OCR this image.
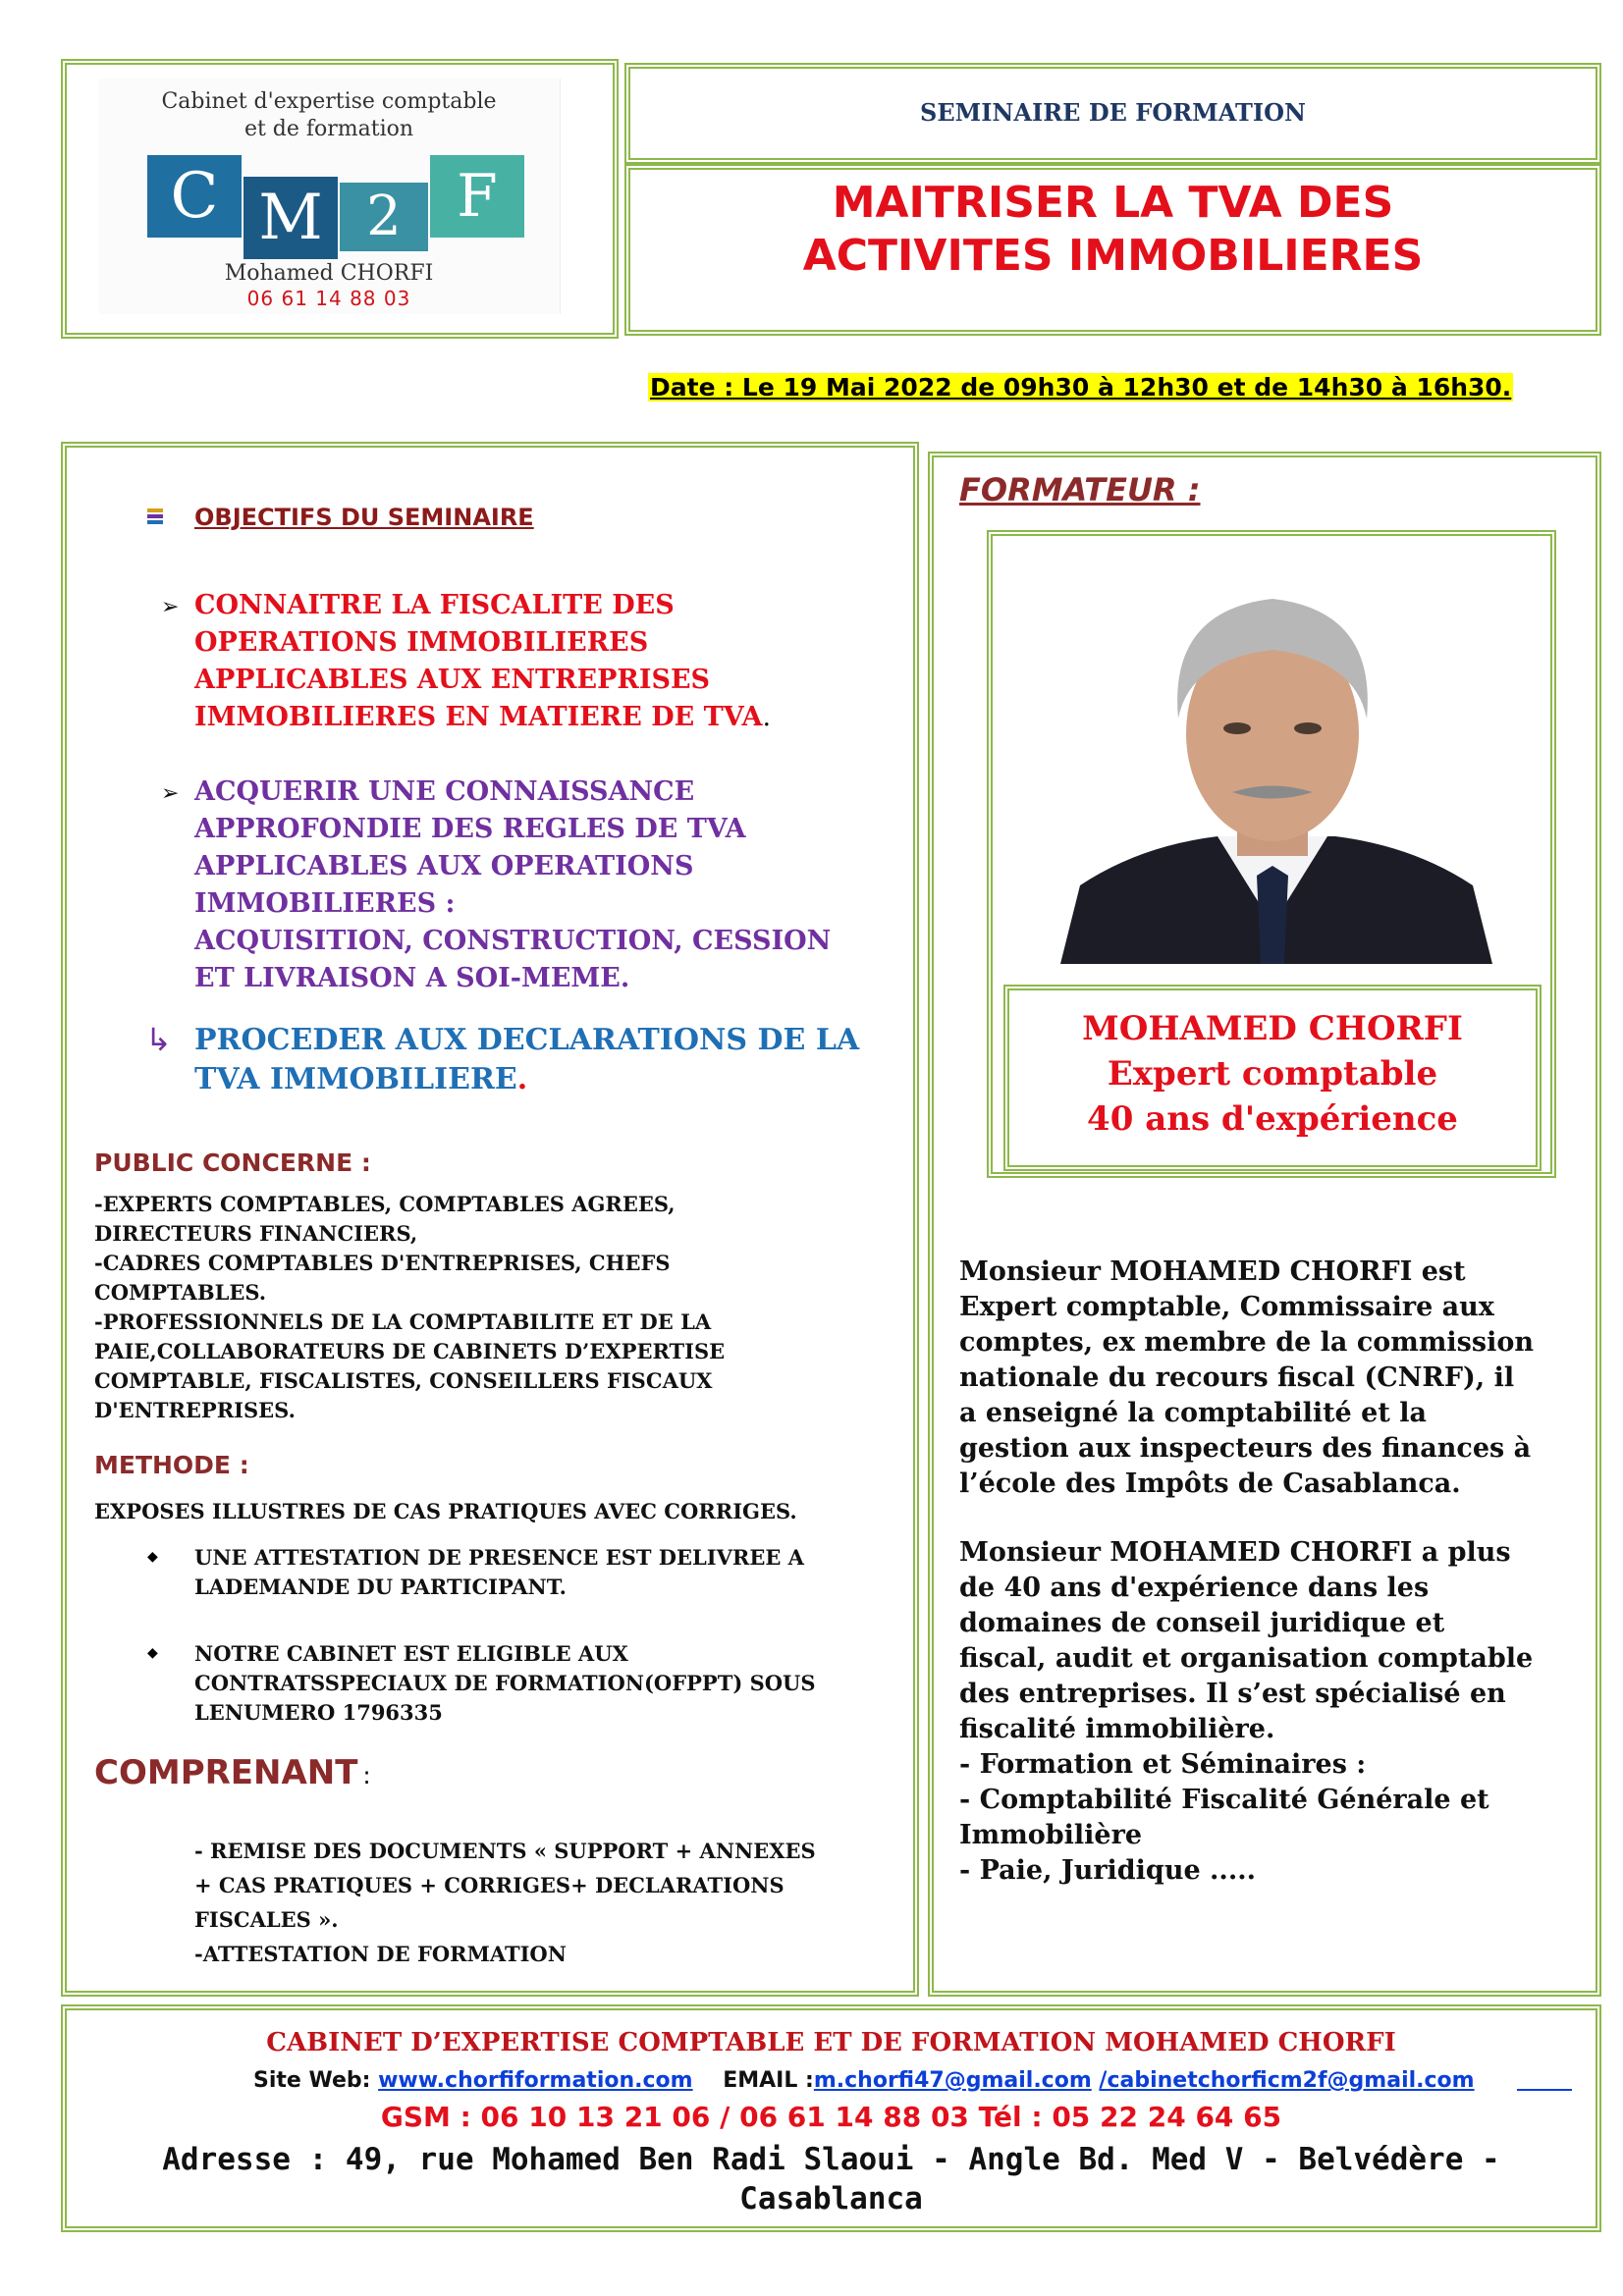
Cabinet d'expertise comptable
et de formation
C M 2 F
Mohamed CHORFI
06 61 14 88 03
SEMINAIRE DE FORMATION
MAITRISER LA TVA DES
ACTIVITES IMMOBILIERES
Date : Le 19 Mai 2022 de 09h30 à 12h30 et de 14h30 à 16h30.
OBJECTIFS DU SEMINAIRE
➢ CONNAITRE LA FISCALITE DES
OPERATIONS IMMOBILIERES
APPLICABLES AUX ENTREPRISES
IMMOBILIERES EN MATIERE DE TVA.
➢ ACQUERIR UNE CONNAISSANCE
APPROFONDIE DES REGLES DE TVA
APPLICABLES AUX OPERATIONS
IMMOBILIERES :
ACQUISITION, CONSTRUCTION, CESSION
ET LIVRAISON A SOI-MEME.
↳ PROCEDER AUX DECLARATIONS DE LA
TVA IMMOBILIERE.
PUBLIC CONCERNE :
-EXPERTS COMPTABLES, COMPTABLES AGREES,
DIRECTEURS FINANCIERS,
-CADRES COMPTABLES D'ENTREPRISES, CHEFS
COMPTABLES.
-PROFESSIONNELS DE LA COMPTABILITE ET DE LA
PAIE,COLLABORATEURS DE CABINETS D’EXPERTISE
COMPTABLE, FISCALISTES, CONSEILLERS FISCAUX
D'ENTREPRISES.
METHODE :
EXPOSES ILLUSTRES DE CAS PRATIQUES AVEC CORRIGES.
◆ UNE ATTESTATION DE PRESENCE EST DELIVREE A
LADEMANDE DU PARTICIPANT.
◆ NOTRE CABINET EST ELIGIBLE AUX
CONTRATSSPECIAUX DE FORMATION(OFPPT) SOUS
LENUMERO 1796335
COMPRENANT :
- REMISE DES DOCUMENTS « SUPPORT + ANNEXES
+ CAS PRATIQUES + CORRIGES+ DECLARATIONS
FISCALES ».
-ATTESTATION DE FORMATION
FORMATEUR :
MOHAMED CHORFI
Expert comptable
40 ans d'expérience
Monsieur MOHAMED CHORFI est
Expert comptable, Commissaire aux
comptes, ex membre de la commission
nationale du recours fiscal (CNRF), il
a enseigné la comptabilité et la
gestion aux inspecteurs des finances à
l’école des Impôts de Casablanca.
Monsieur MOHAMED CHORFI a plus
de 40 ans d'expérience dans les
domaines de conseil juridique et
fiscal, audit et organisation comptable
des entreprises. Il s’est spécialisé en
fiscalité immobilière.
- Formation et Séminaires :
- Comptabilité Fiscalité Générale et
Immobilière
- Paie, Juridique .....
CABINET D’EXPERTISE COMPTABLE ET DE FORMATION MOHAMED CHORFI
Site Web: www.chorfiformation.com EMAIL :m.chorfi47@gmail.com /cabinetchorficm2f@gmail.com
GSM : 06 10 13 21 06 / 06 61 14 88 03 Tél : 05 22 24 64 65
Adresse : 49, rue Mohamed Ben Radi Slaoui - Angle Bd. Med V - Belvédère -
Casablanca
